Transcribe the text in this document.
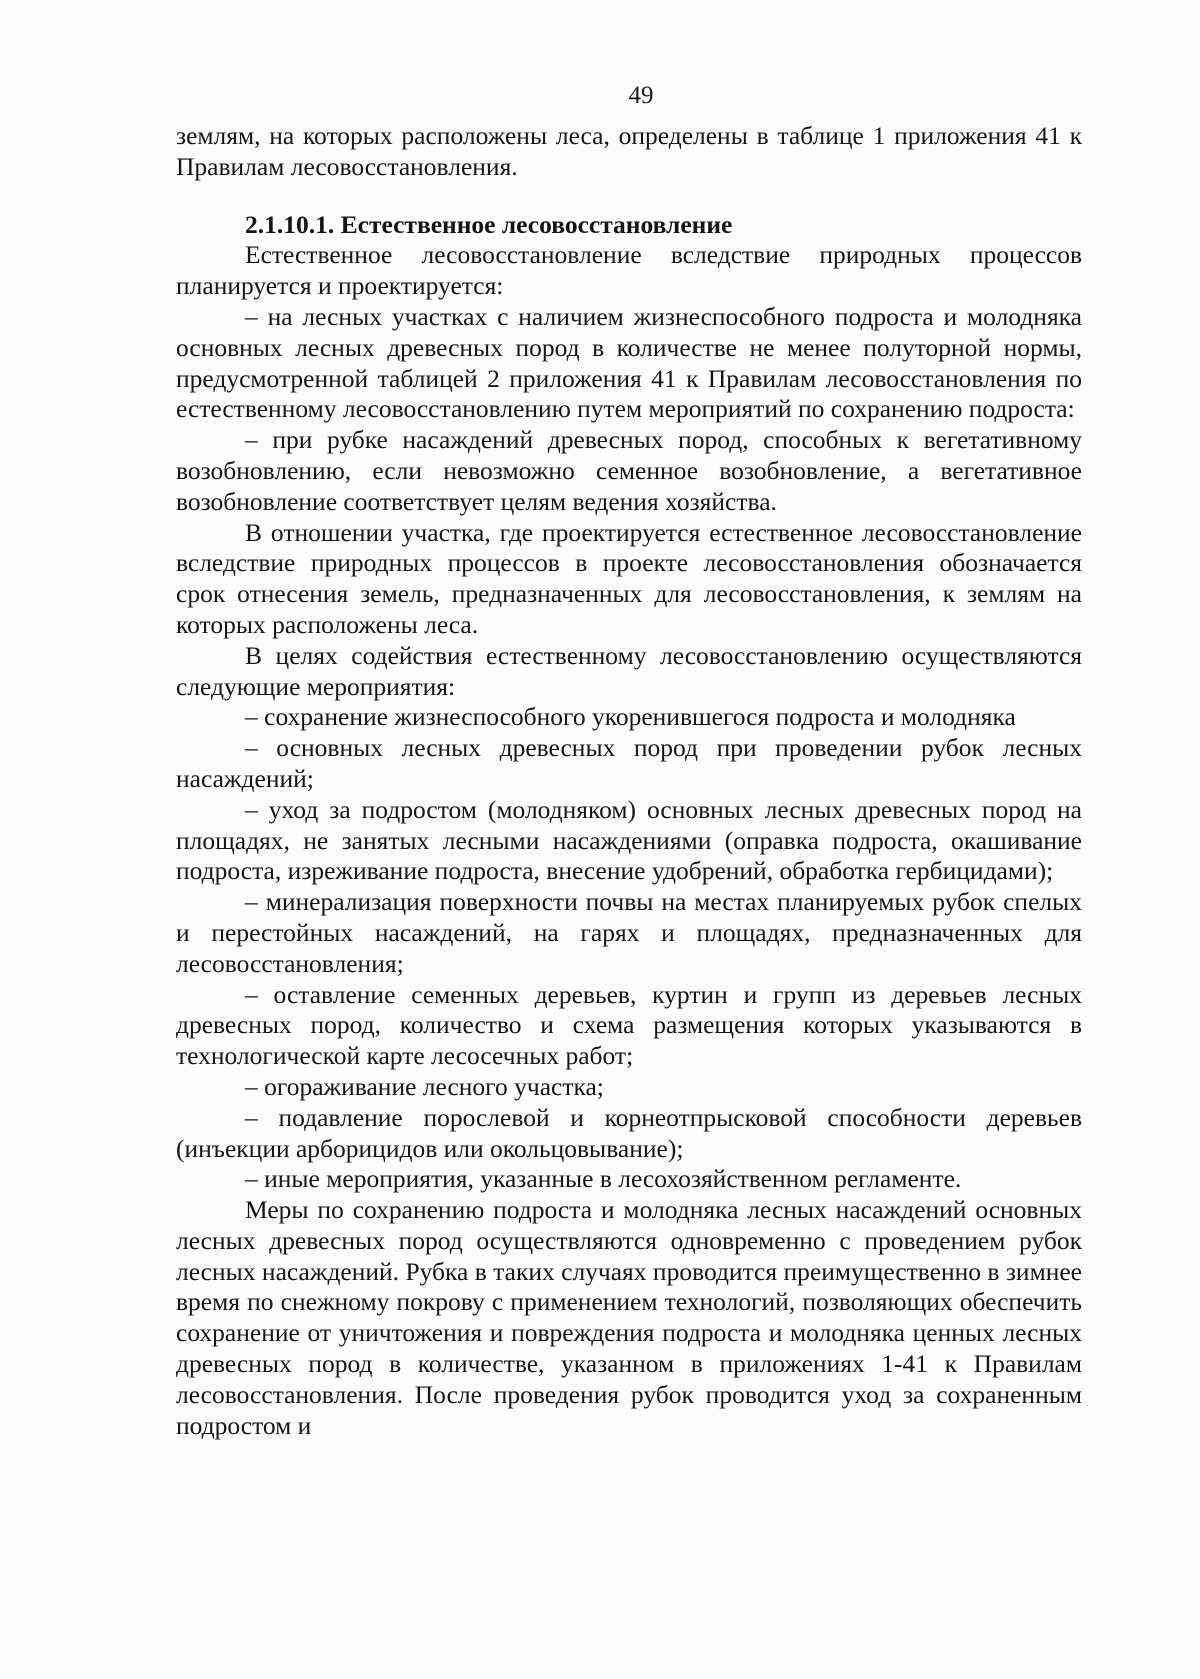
49

землям, на которых расположены леса, определены в таблице 1 приложения 41 к Правилам лесовосстановления.

2.1.10.1. Естественное лесовосстановление

Естественное лесовосстановление вследствие природных процессов планируется и проектируется:

– на лесных участках с наличием жизнеспособного подроста и молодняка основных лесных древесных пород в количестве не менее полуторной нормы, предусмотренной таблицей 2 приложения 41 к Правилам лесовосстановления по естественному лесовосстановлению путем мероприятий по сохранению подроста:

– при рубке насаждений древесных пород, способных к вегетативному возобновлению, если невозможно семенное возобновление, а вегетативное возобновление соответствует целям ведения хозяйства.

В отношении участка, где проектируется естественное лесовосстановление вследствие природных процессов в проекте лесовосстановления обозначается срок отнесения земель, предназначенных для лесовосстановления, к землям на которых расположены леса.

В целях содействия естественному лесовосстановлению осуществляются следующие мероприятия:

– сохранение жизнеспособного укоренившегося подроста и молодняка

– основных лесных древесных пород при проведении рубок лесных насаждений;

– уход за подростом (молодняком) основных лесных древесных пород на площадях, не занятых лесными насаждениями (оправка подроста, окашивание подроста, изреживание подроста, внесение удобрений, обработка гербицидами);

– минерализация поверхности почвы на местах планируемых рубок спелых и перестойных насаждений, на гарях и площадях, предназначенных для лесовосстановления;

– оставление семенных деревьев, куртин и групп из деревьев лесных древесных пород, количество и схема размещения которых указываются в технологической карте лесосечных работ;

– огораживание лесного участка;

– подавление порослевой и корнеотпрысковой способности деревьев (инъекции арборицидов или окольцовывание);

– иные мероприятия, указанные в лесохозяйственном регламенте.

Меры по сохранению подроста и молодняка лесных насаждений основных лесных древесных пород осуществляются одновременно с проведением рубок лесных насаждений. Рубка в таких случаях проводится преимущественно в зимнее время по снежному покрову с применением технологий, позволяющих обеспечить сохранение от уничтожения и повреждения подроста и молодняка ценных лесных древесных пород в количестве, указанном в приложениях 1-41 к Правилам лесовосстановления. После проведения рубок проводится уход за сохраненным подростом и
